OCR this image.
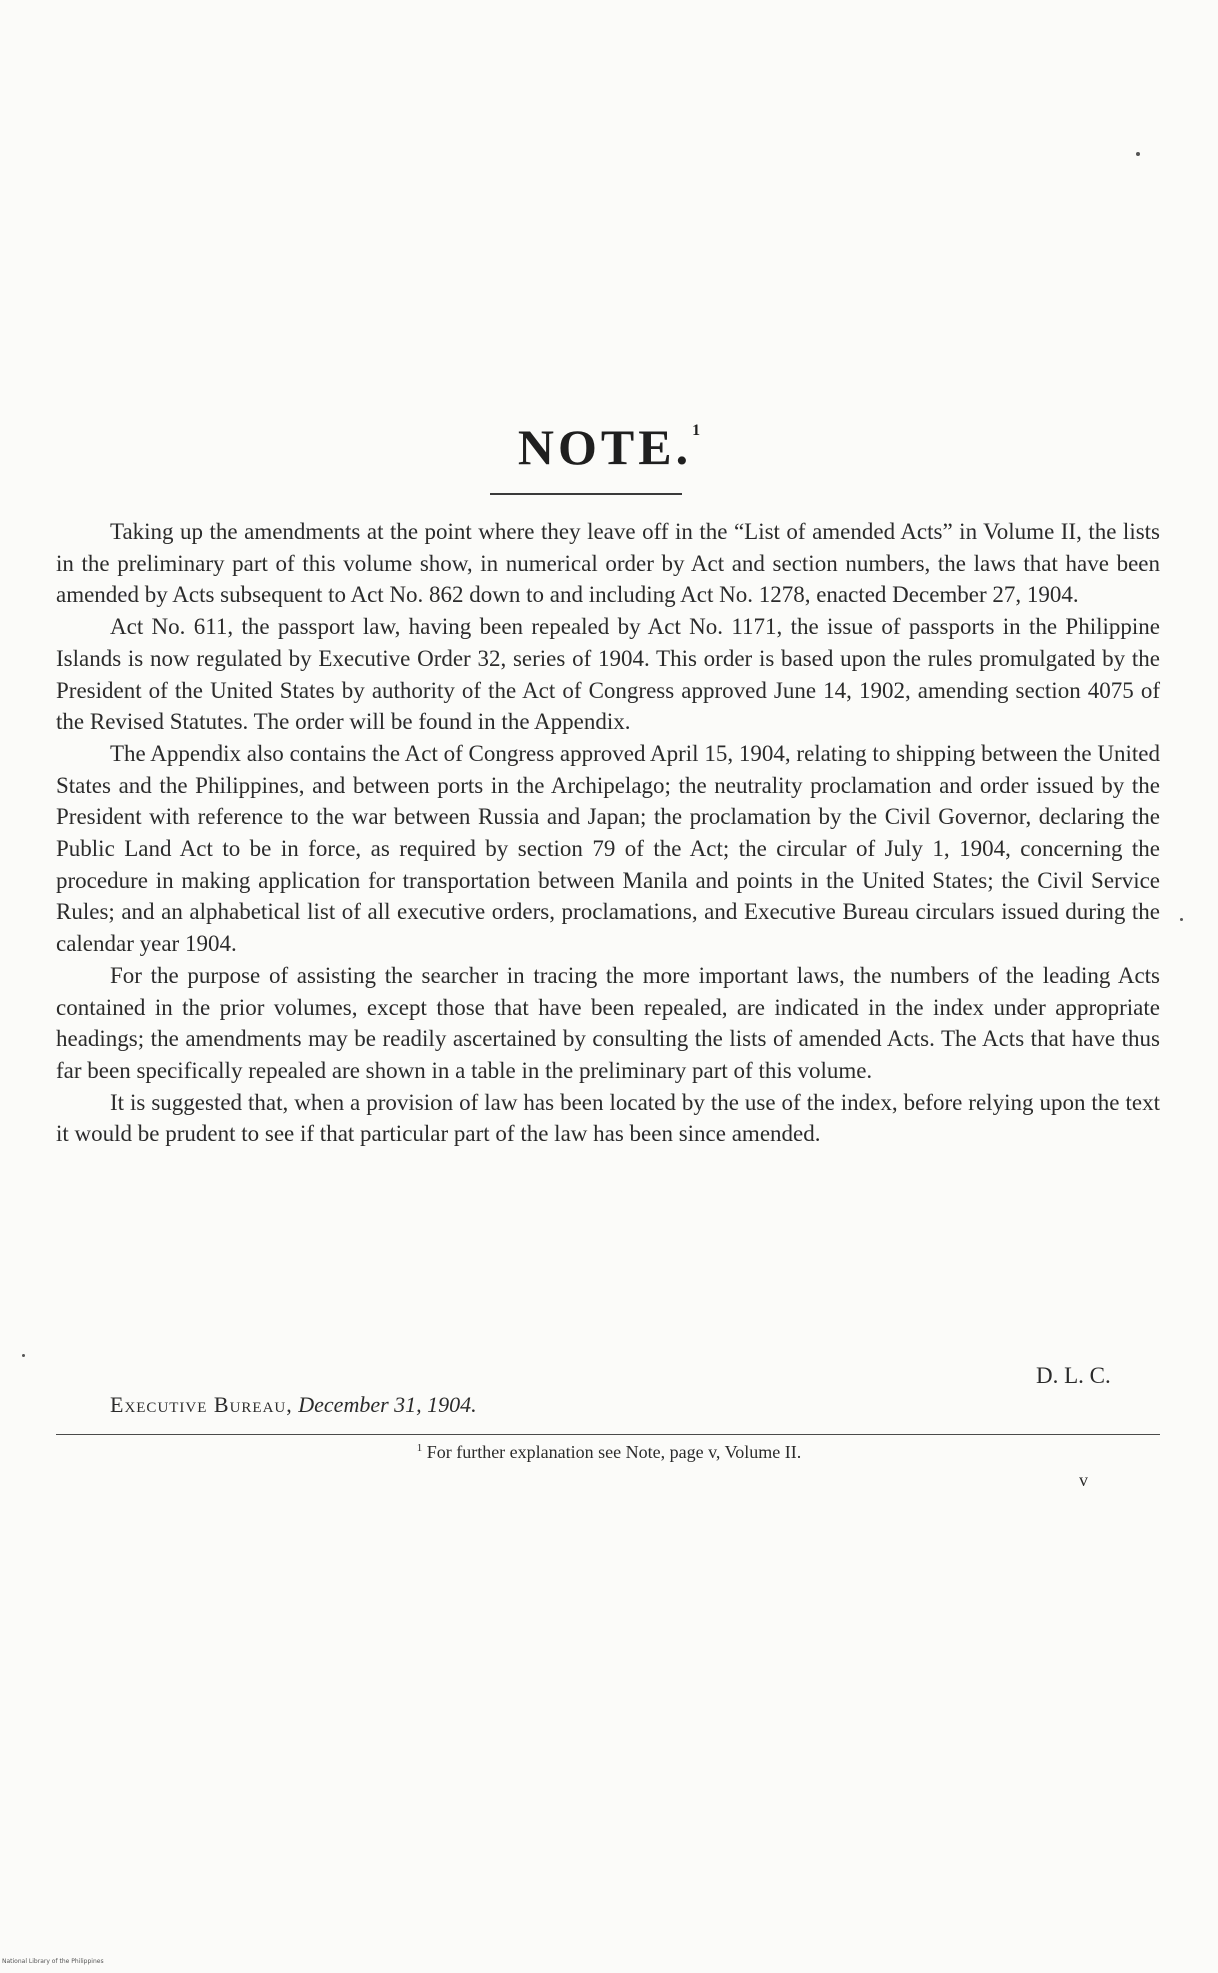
NOTE.$^1$

Taking up the amendments at the point where they leave off in the “List of amended Acts” in Volume II, the lists in the preliminary part of this volume show, in numerical order by Act and section numbers, the laws that have been amended by Acts subsequent to Act No. 862 down to and including Act No. 1278, enacted December 27, 1904.

Act No. 611, the passport law, having been repealed by Act No. 1171, the issue of passports in the Philippine Islands is now regulated by Executive Order 32, series of 1904. This order is based upon the rules promulgated by the President of the United States by authority of the Act of Congress approved June 14, 1902, amending section 4075 of the Revised Statutes. The order will be found in the Appendix.

The Appendix also contains the Act of Congress approved April 15, 1904, relating to shipping between the United States and the Philippines, and between ports in the Archipelago; the neutrality proclamation and order issued by the President with reference to the war between Russia and Japan; the proclamation by the Civil Governor, declaring the Public Land Act to be in force, as required by section 79 of the Act; the circular of July 1, 1904, concerning the procedure in making application for transportation between Manila and points in the United States; the Civil Service Rules; and an alphabetical list of all executive orders, proclamations, and Executive Bureau circulars issued during the calendar year 1904.

For the purpose of assisting the searcher in tracing the more important laws, the numbers of the leading Acts contained in the prior volumes, except those that have been repealed, are indicated in the index under appropriate headings; the amendments may be readily ascertained by consulting the lists of amended Acts. The Acts that have thus far been specifically repealed are shown in a table in the preliminary part of this volume.

It is suggested that, when a provision of law has been located by the use of the index, before relying upon the text it would be prudent to see if that particular part of the law has been since amended.

D. L. C.
Executive Bureau, December 31, 1904.
$^1$ For further explanation see Note, page v, Volume II.
v
National Library of the Philippines
